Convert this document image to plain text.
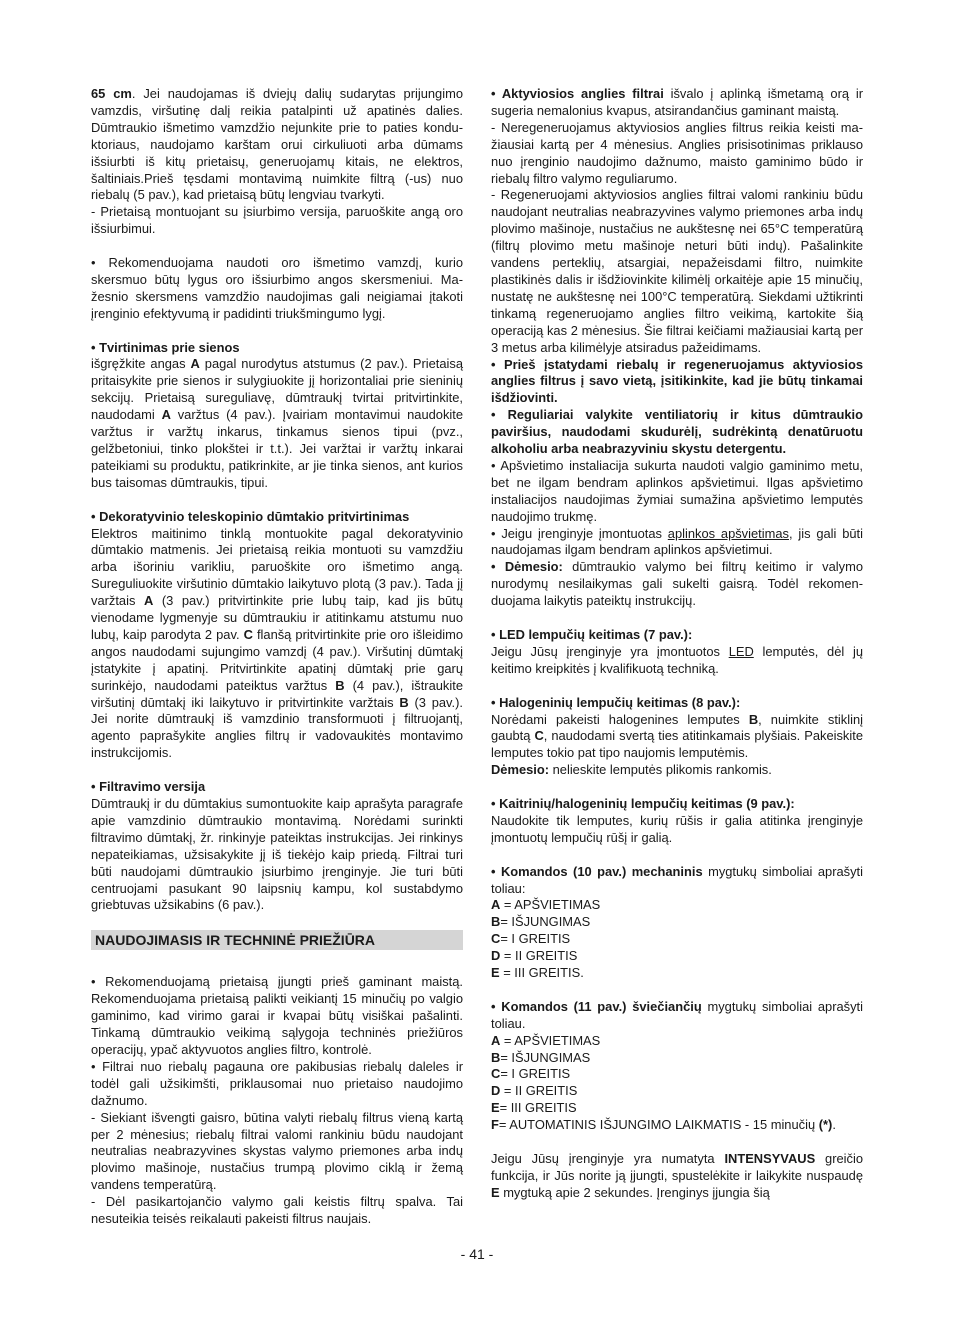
65 cm. Jei naudojamas iš dviejų dalių sudarytas prijungimo vamzdis, viršutinę dalį reikia patalpinti už apatinės dalies. Dūmtraukio išmetimo vamzdžio nejunkite prie to paties konduktoriaus, naudojamo karštam orui cirkuliuoti arba dūmams išsiurbti iš kitų prietaisų, generuojamų kitais, ne elektros, šaltiniais.Prieš tęsdami montavimą nuimkite filtrą (-us) nuo riebalų (5 pav.), kad prietaisą būtų lengviau tvarkyti.

- Prietaisą montuojant su įsiurbimo versija, paruoškite angą oro išsiurbimui.

• Rekomenduojama naudoti oro išmetimo vamzdį, kurio skersmuo būtų lygus oro išsiurbimo angos skersmeniui. Mažesnio skersmens vamzdžio naudojimas gali neigiamai įtakoti įrenginio efektyvumą ir padidinti triukšmingumo lygį.

• Tvirtinimas prie sienos

išgręžkite angas A pagal nurodytus atstumus (2 pav.). Prietaisą pritaisykite prie sienos ir sulygiuokite jį horizontaliai prie sieninių sekcijų. Prietaisą sureguliavę, dūmtraukį tvirtai pritvirtinkite, naudodami A varžtus (4 pav.). Įvairiam montavimui naudokite varžtus ir varžtų inkarus, tinkamus sienos tipui (pvz., gelžbetoniui, tinko plokštei ir t.t.). Jei varžtai ir varžtų inkarai pateikiami su produktu, patikrinkite, ar jie tinka sienos, ant kurios bus taisomas dūmtraukis, tipui.

• Dekoratyvinio teleskopinio dūmtakio pritvirtinimas

Elektros maitinimo tinklą montuokite pagal dekoratyvinio dūmtakio matmenis. Jei prietaisą reikia montuoti su vamzdžiu arba išoriniu varikliu, paruoškite oro išmetimo angą. Sureguliuokite viršutinio dūmtakio laikytuvo plotą (3 pav.). Tada jį varžtais A (3 pav.) pritvirtinkite prie lubų taip, kad jis būtų vienodame lygmenyje su dūmtraukiu ir atitinkamu atstumu nuo lubų, kaip parodyta 2 pav. C flanšą pritvirtinkite prie oro išleidimo angos naudodami sujungimo vamzdį (4 pav.). Viršutinį dūmtakį įstatykite į apatinį. Pritvirtinkite apatinį dūmtakį prie garų surinkėjo, naudodami pateiktus varžtus B (4 pav.), ištraukite viršutinį dūmtakį iki laikytuvo ir pritvirtinkite varžtais B (3 pav.). Jei norite dūmtraukį iš vamzdinio transformuoti į filtruojantį, agento paprašykite anglies filtrų ir vadovaukitės montavimo instrukcijomis.

• Filtravimo versija

Dūmtraukį ir du dūmtakius sumontuokite kaip aprašyta paragrafe apie vamzdinio dūmtraukio montavimą. Norėdami surinkti filtravimo dūmtakį, žr. rinkinyje pateiktas instrukcijas. Jei rinkinys nepateikiamas, užsisakykite jį iš tiekėjo kaip priedą. Filtrai turi būti naudojami dūmtraukio įsiurbimo įrenginyje. Jie turi būti centruojami pasukant 90 laipsnių kampu, kol sustabdymo griebtuvas užsikabins (6 pav.).

NAUDOJIMASIS IR TECHNINĖ PRIEŽIŪRA

• Rekomenduojamą prietaisą įjungti prieš gaminant maistą. Rekomenduojama prietaisą palikti veikiantį 15 minučių po valgio gaminimo, kad virimo garai ir kvapai būtų visiškai pašalinti. Tinkamą dūmtraukio veikimą sąlygoja techninės priežiūros operacijų, ypač aktyvuotos anglies filtro, kontrolė.

• Filtrai nuo riebalų pagauna ore pakibusias riebalų daleles ir todėl gali užsikimšti, priklausomai nuo prietaiso naudojimo dažnumo.

- Siekiant išvengti gaisro, būtina valyti riebalų filtrus vieną kartą per 2 mėnesius; riebalų filtrai valomi rankiniu būdu naudojant neutralias neabrazyvines skystas valymo priemones arba indų plovimo mašinoje, nustačius trumpą plovimo ciklą ir žemą vandens temperatūrą.

- Dėl pasikartojančio valymo gali keistis filtrų spalva. Tai nesuteikia teisės reikalauti pakeisti filtrus naujais.

• Aktyviosios anglies filtrai išvalo į aplinką išmetamą orą ir sugeria nemalonius kvapus, atsirandančius gaminant maistą.

- Neregeneruojamus aktyviosios anglies filtrus reikia keisti mažiausiai kartą per 4 mėnesius. Anglies prisisotinimas priklauso nuo įrenginio naudojimo dažnumo, maisto gaminimo būdo ir riebalų filtro valymo reguliarumo.

- Regeneruojami aktyviosios anglies filtrai valomi rankiniu būdu naudojant neutralias neabrazyvines valymo priemones arba indų plovimo mašinoje, nustačius ne aukštesnę nei 65°C temperatūrą (filtrų plovimo metu mašinoje neturi būti indų). Pašalinkite vandens perteklių, atsargiai, nepažeisdami filtro, nuimkite plastikinės dalis ir išdžiovinkite kilimėlį orkaitėje apie 15 minučių, nustatę ne aukštesnę nei 100°C temperatūrą. Siekdami užtikrinti tinkamą regeneruojamo anglies filtro veikimą, kartokite šią operaciją kas 2 mėnesius. Šie filtrai keičiami mažiausiai kartą per 3 metus arba kilimėlyje atsiradus pažeidimams.

• Prieš įstatydami riebalų ir regeneruojamus aktyviosios anglies filtrus į savo vietą, įsitikinkite, kad jie būtų tinkamai išdžiovinti.

• Reguliariai valykite ventiliatorių ir kitus dūmtraukio paviršius, naudodami skudurėlį, sudrėkintą denatūruotu alkoholiu arba neabrazyviniu skystu detergentu.

• Apšvietimo instaliacija sukurta naudoti valgio gaminimo metu, bet ne ilgam bendram aplinkos apšvietimui. Ilgas apšvietimo instaliacijos naudojimas žymiai sumažina apšvietimo lemputės naudojimo trukmę.

• Jeigu įrenginyje įmontuotas aplinkos apšvietimas, jis gali būti naudojamas ilgam bendram aplinkos apšvietimui.

• Dėmesio: dūmtraukio valymo bei filtrų keitimo ir valymo nurodymų nesilaikymas gali sukelti gaisrą. Todėl rekomenduojama laikytis pateiktų instrukcijų.

• LED lempučių keitimas (7 pav.):

Jeigu Jūsų įrenginyje yra įmontuotos LED lemputės, dėl jų keitimo kreipkitės į kvalifikuotą techniką.

• Halogeninių lempučių keitimas (8 pav.):

Norėdami pakeisti halogenines lemputes B, nuimkite stiklinį gaubtą C, naudodami svertą ties atitinkamais plyšiais. Pakeiskite lemputes tokio pat tipo naujomis lemputėmis.

Dėmesio: nelieskite lemputės plikomis rankomis.

• Kaitrinių/halogeninių lempučių keitimas (9 pav.):

Naudokite tik lemputes, kurių rūšis ir galia atitinka įrenginyje įmontuotų lempučių rūšį ir galią.

• Komandos (10 pav.) mechaninis mygtukų simboliai aprašyti toliau:

A = APŠVIETIMAS
B= IŠJUNGIMAS
C= I GREITIS
D = II GREITIS
E = III GREITIS.

• Komandos (11 pav.) šviečiančių mygtukų simboliai aprašyti toliau.

A = APŠVIETIMAS
B= IŠJUNGIMAS
C= I GREITIS
D = II GREITIS
E= III GREITIS
F= AUTOMATINIS IŠJUNGIMO LAIKMATIS - 15 minučių (*).

Jeigu Jūsų įrenginyje yra numatyta INTENSYVAUS greičio funkcija, ir Jūs norite ją įjungti, spustelėkite ir laikykite nuspaudę E mygtuką apie 2 sekundes. Įrenginys įjungia šią

- 41 -
